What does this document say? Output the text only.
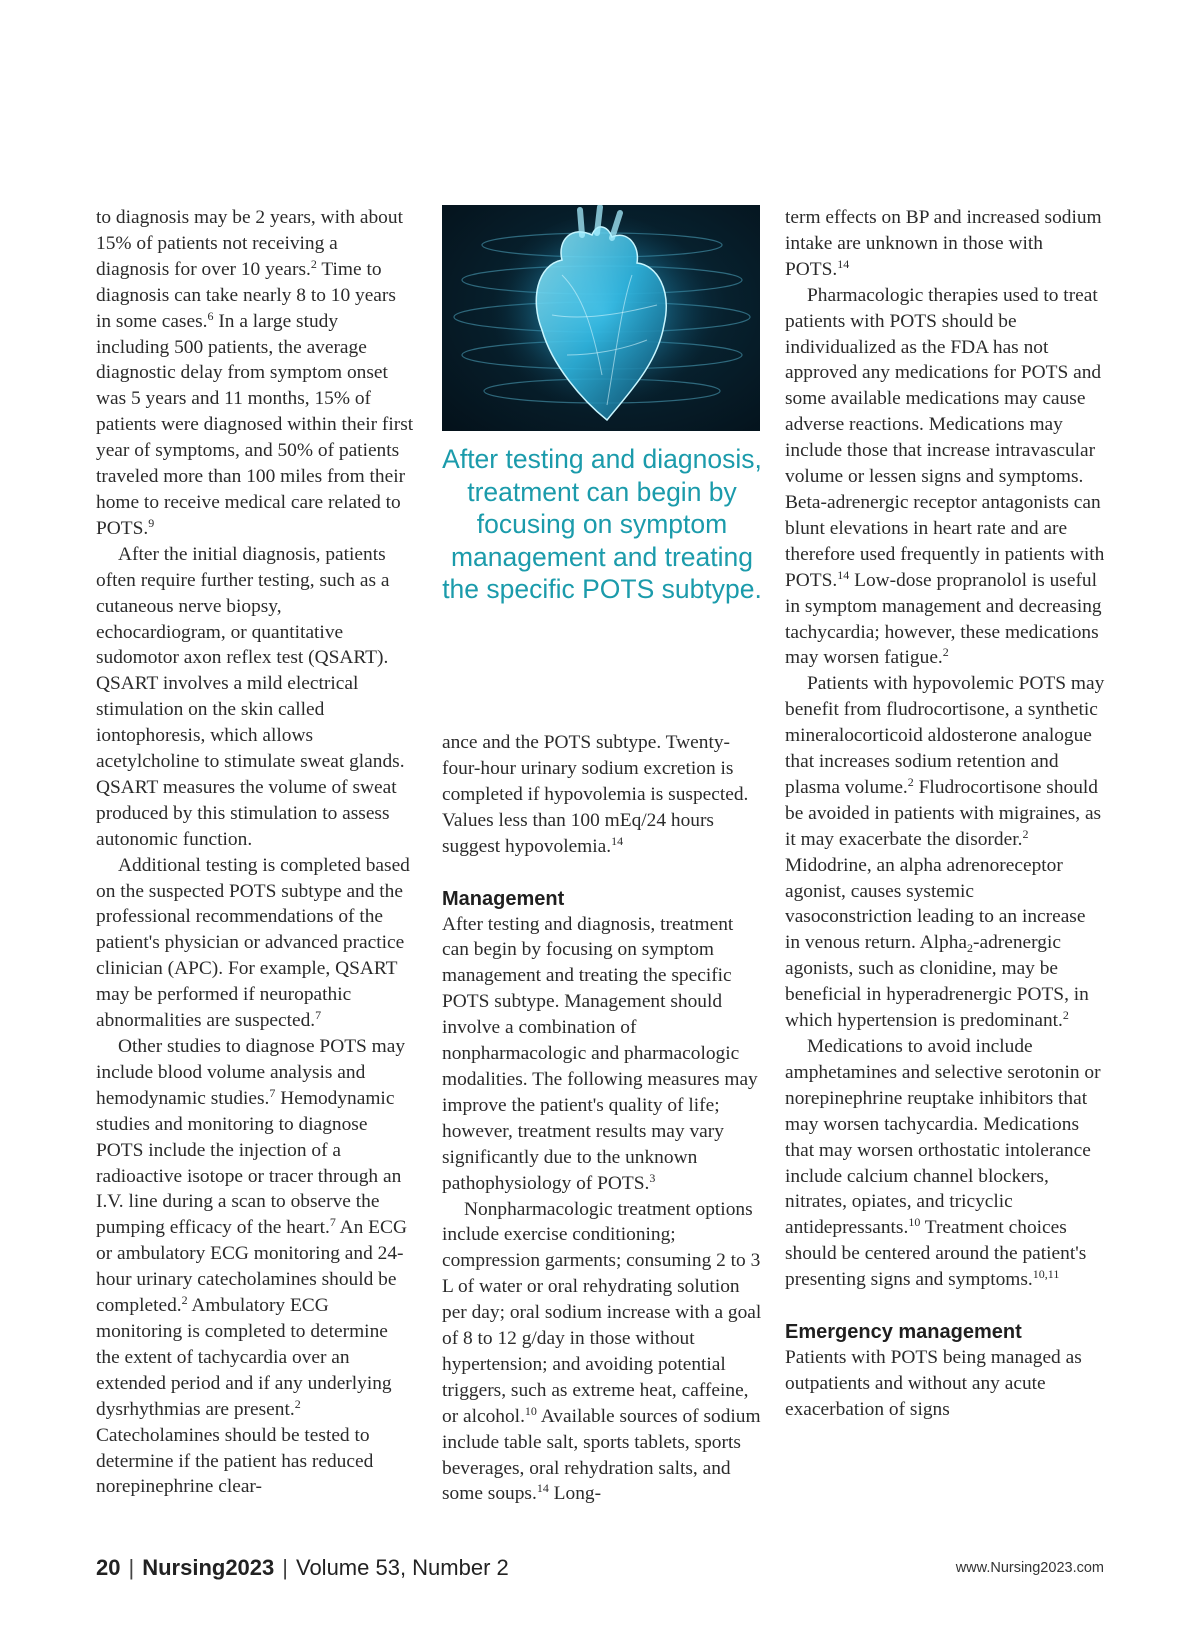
to diagnosis may be 2 years, with about 15% of patients not receiving a diagnosis for over 10 years.$^2$ Time to diagnosis can take nearly 8 to 10 years in some cases.$^6$ In a large study including 500 patients, the average diagnostic delay from symptom onset was 5 years and 11 months, 15% of patients were diagnosed within their first year of symptoms, and 50% of patients traveled more than 100 miles from their home to receive medical care related to POTS.$^9$

After the initial diagnosis, patients often require further testing, such as a cutaneous nerve biopsy, echocardiogram, or quantitative sudomotor axon reflex test (QSART). QSART involves a mild electrical stimulation on the skin called iontophoresis, which allows acetylcholine to stimulate sweat glands. QSART measures the volume of sweat produced by this stimulation to assess autonomic function.

Additional testing is completed based on the suspected POTS subtype and the professional recommendations of the patient's physician or advanced practice clinician (APC). For example, QSART may be performed if neuropathic abnormalities are suspected.$^7$

Other studies to diagnose POTS may include blood volume analysis and hemodynamic studies.$^7$ Hemodynamic studies and monitoring to diagnose POTS include the injection of a radioactive isotope or tracer through an I.V. line during a scan to observe the pumping efficacy of the heart.$^7$ An ECG or ambulatory ECG monitoring and 24-hour urinary catecholamines should be completed.$^2$ Ambulatory ECG monitoring is completed to determine the extent of tachycardia over an extended period and if any underlying dysrhythmias are present.$^2$ Catecholamines should be tested to determine if the patient has reduced norepinephrine clear-

After testing and diagnosis, treatment can begin by focusing on symptom management and treating the specific POTS subtype.

ance and the POTS subtype. Twenty-four-hour urinary sodium excretion is completed if hypovolemia is suspected. Values less than 100 mEq/24 hours suggest hypovolemia.$^{14}$

Management

After testing and diagnosis, treatment can begin by focusing on symptom management and treating the specific POTS subtype. Management should involve a combination of nonpharmacologic and pharmacologic modalities. The following measures may improve the patient's quality of life; however, treatment results may vary significantly due to the unknown pathophysiology of POTS.$^3$

Nonpharmacologic treatment options include exercise conditioning; compression garments; consuming 2 to 3 L of water or oral rehydrating solution per day; oral sodium increase with a goal of 8 to 12 g/day in those without hypertension; and avoiding potential triggers, such as extreme heat, caffeine, or alcohol.$^{10}$ Available sources of sodium include table salt, sports tablets, sports beverages, oral rehydration salts, and some soups.$^{14}$ Long-

term effects on BP and increased sodium intake are unknown in those with POTS.$^{14}$

Pharmacologic therapies used to treat patients with POTS should be individualized as the FDA has not approved any medications for POTS and some available medications may cause adverse reactions. Medications may include those that increase intravascular volume or lessen signs and symptoms. Beta-adrenergic receptor antagonists can blunt elevations in heart rate and are therefore used frequently in patients with POTS.$^{14}$ Low-dose propranolol is useful in symptom management and decreasing tachycardia; however, these medications may worsen fatigue.$^2$

Patients with hypovolemic POTS may benefit from fludrocortisone, a synthetic mineralocorticoid aldosterone analogue that increases sodium retention and plasma volume.$^2$ Fludrocortisone should be avoided in patients with migraines, as it may exacerbate the disorder.$^2$ Midodrine, an alpha adrenoreceptor agonist, causes systemic vasoconstriction leading to an increase in venous return. Alpha$_2$-adrenergic agonists, such as clonidine, may be beneficial in hyperadrenergic POTS, in which hypertension is predominant.$^2$

Medications to avoid include amphetamines and selective serotonin or norepinephrine reuptake inhibitors that may worsen tachycardia. Medications that may worsen orthostatic intolerance include calcium channel blockers, nitrates, opiates, and tricyclic antidepressants.$^{10}$ Treatment choices should be centered around the patient's presenting signs and symptoms.$^{10,11}$

Emergency management

Patients with POTS being managed as outpatients and without any acute exacerbation of signs

20 | Nursing2023 | Volume 53, Number 2	www.Nursing2023.com
